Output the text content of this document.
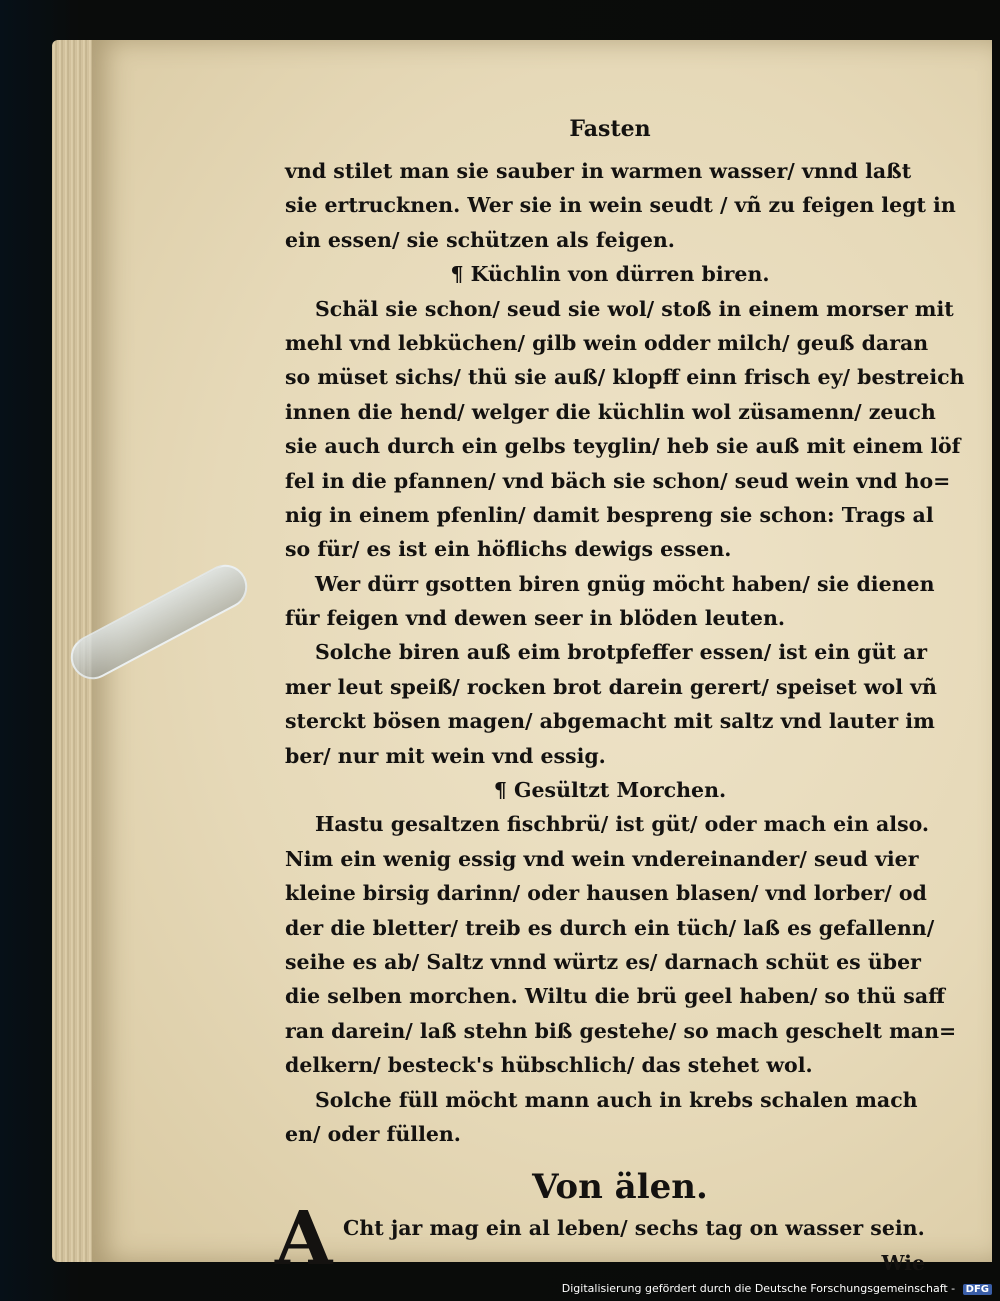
Fasten
vnd stilet man sie sauber in warmen wasser/ vnnd laßt
sie ertrucknen. Wer sie in wein seudt / vñ zu feigen legt in
ein essen/ sie schützen als feigen.
¶ Küchlin von dürren biren.
Schäl sie schon/ seud sie wol/ stoß in einem morser mit
mehl vnd lebküchen/ gilb wein odder milch/ geuß daran
so müset sichs/ thü sie auß/ klopff einn frisch ey/ bestreich
innen die hend/ welger die küchlin wol züsamenn/ zeuch
sie auch durch ein gelbs teyglin/ heb sie auß mit einem löf
fel in die pfannen/ vnd bäch sie schon/ seud wein vnd ho=
nig in einem pfenlin/ damit bespreng sie schon: Trags al
so für/ es ist ein höflichs dewigs essen.
Wer dürr gsotten biren gnüg möcht haben/ sie dienen
für feigen vnd dewen seer in blöden leuten.
Solche biren auß eim brotpfeffer essen/ ist ein güt ar
mer leut speiß/ rocken brot darein gerert/ speiset wol vñ
sterckt bösen magen/ abgemacht mit saltz vnd lauter im
ber/ nur mit wein vnd essig.
¶ Gesültzt Morchen.
Hastu gesaltzen fischbrü/ ist güt/ oder mach ein also.
Nim ein wenig essig vnd wein vndereinander/ seud vier
kleine birsig darinn/ oder hausen blasen/ vnd lorber/ od
der die bletter/ treib es durch ein tüch/ laß es gefallenn/
seihe es ab/ Saltz vnnd würtz es/ darnach schüt es über
die selben morchen. Wiltu die brü geel haben/ so thü saff
ran darein/ laß stehn biß gestehe/ so mach geschelt man=
delkern/ besteck's hübschlich/ das stehet wol.
Solche füll möcht mann auch in krebs schalen mach
en/ oder füllen.
Von älen.
A Cht jar mag ein al leben/ sechs tag on wasser sein.
Wie
Digitalisierung gefördert durch die Deutsche Forschungsgemeinschaft - DFG
